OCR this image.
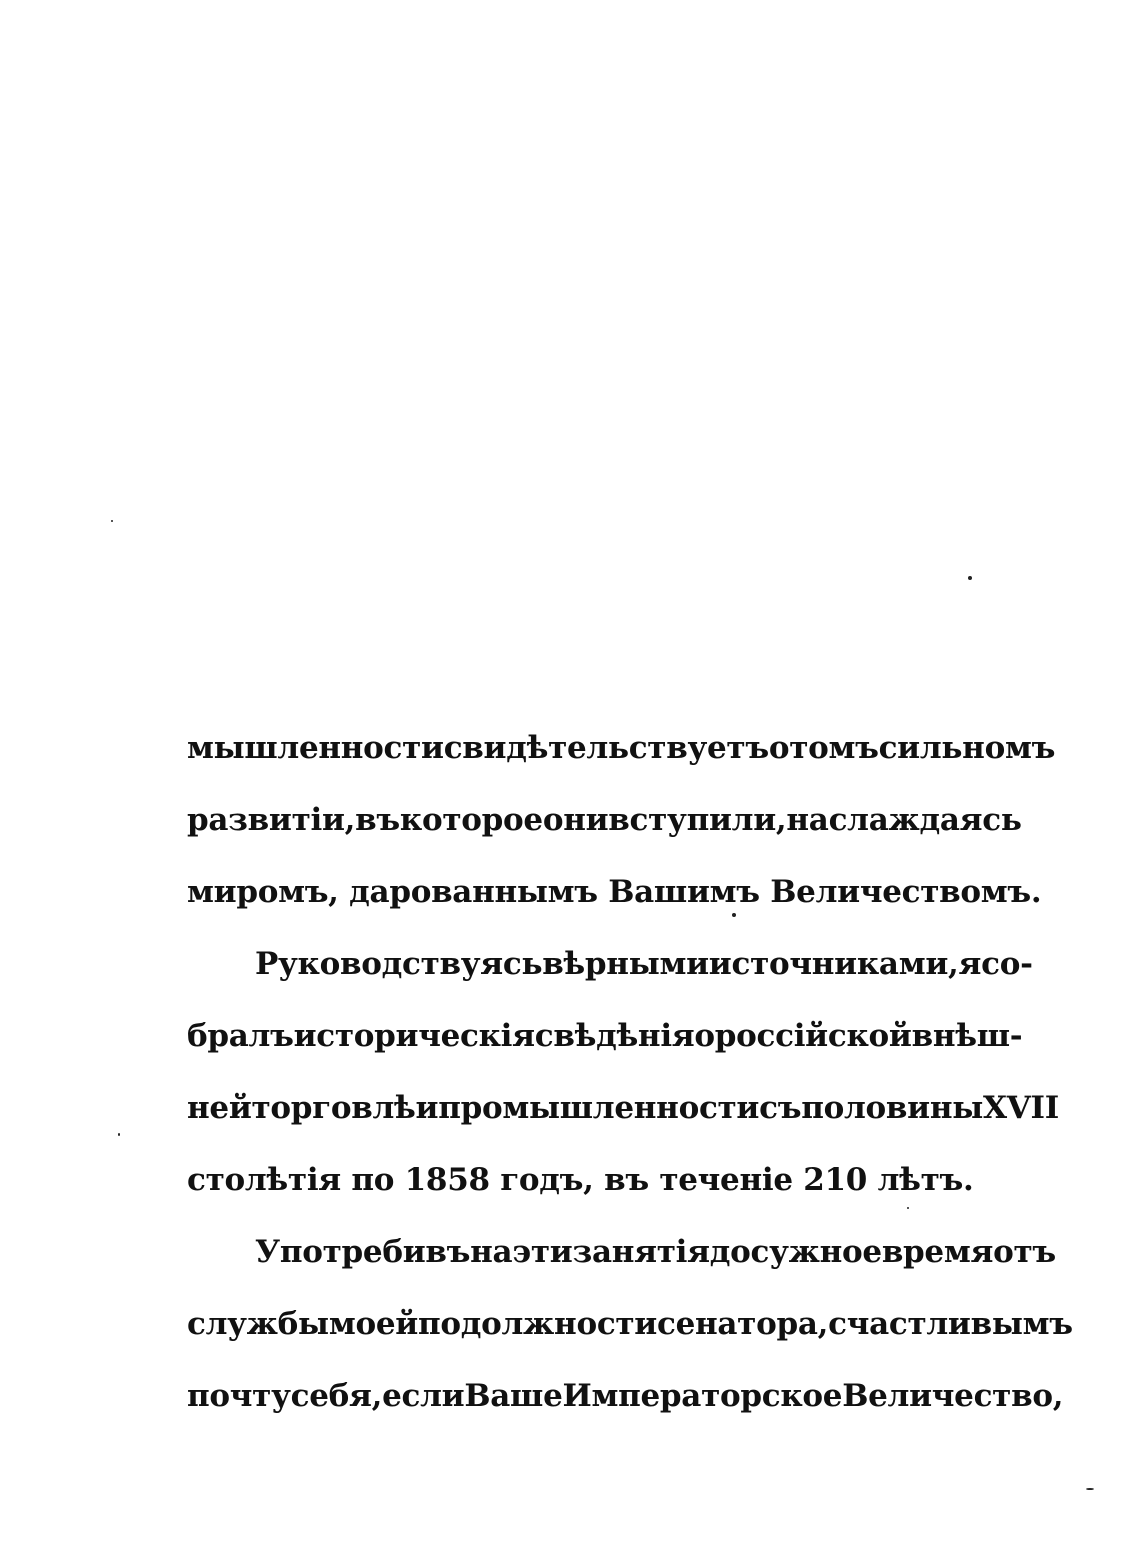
мышленности свидѣтельствуетъ о томъ сильномъ
развитіи, въ которое они вступили, наслаждаясь
миромъ, дарованнымъ Вашимъ Величествомъ.
Руководствуясь вѣрными источниками, я со-
бралъ историческія свѣдѣнія о россійской внѣш-
ней торговлѣ и промышленности съ половины XVII
столѣтія по 1858 годъ, въ теченіе 210 лѣтъ.
Употребивъ на эти занятія досужное время отъ
службы моей по должности сенатора, счастливымъ
почту себя, если Ваше Императорское Величество,
